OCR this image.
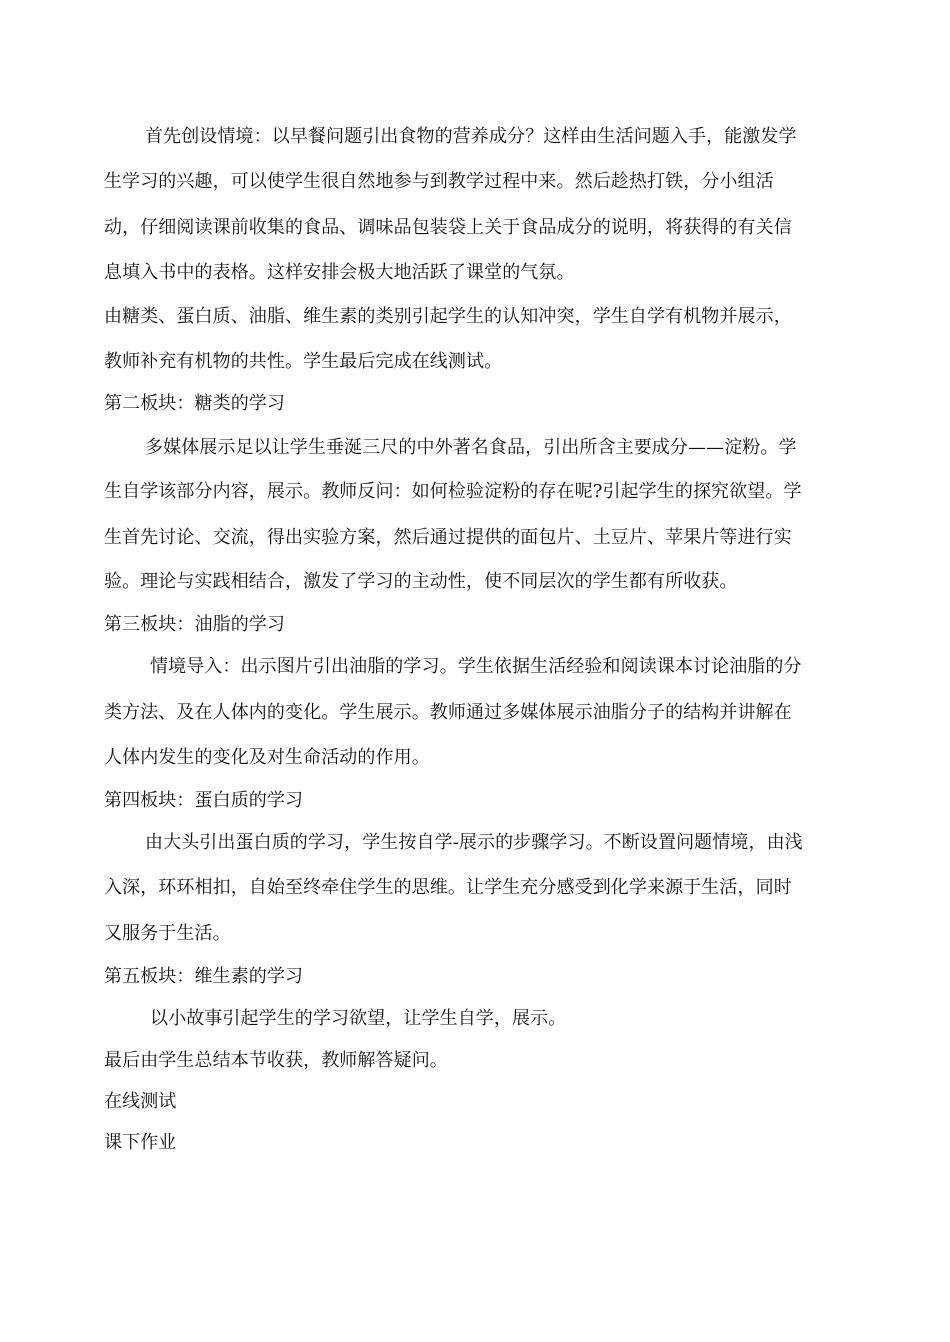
首先创设情境：以早餐问题引出食物的营养成分？这样由生活问题入手，能激发学
生学习的兴趣，可以使学生很自然地参与到教学过程中来。然后趁热打铁，分小组活
动，仔细阅读课前收集的食品、调味品包装袋上关于食品成分的说明，将获得的有关信
息填入书中的表格。这样安排会极大地活跃了课堂的气氛。
由糖类、蛋白质、油脂、维生素的类别引起学生的认知冲突，学生自学有机物并展示，
教师补充有机物的共性。学生最后完成在线测试。
第二板块：糖类的学习
多媒体展示足以让学生垂涎三尺的中外著名食品，引出所含主要成分——淀粉。学
生自学该部分内容，展示。教师反问：如何检验淀粉的存在呢?引起学生的探究欲望。学
生首先讨论、交流，得出实验方案，然后通过提供的面包片、土豆片、苹果片等进行实
验。理论与实践相结合，激发了学习的主动性，使不同层次的学生都有所收获。
第三板块：油脂的学习
情境导入：出示图片引出油脂的学习。学生依据生活经验和阅读课本讨论油脂的分
类方法、及在人体内的变化。学生展示。教师通过多媒体展示油脂分子的结构并讲解在
人体内发生的变化及对生命活动的作用。
第四板块：蛋白质的学习
由大头引出蛋白质的学习，学生按自学-展示的步骤学习。不断设置问题情境，由浅
入深，环环相扣，自始至终牵住学生的思维。让学生充分感受到化学来源于生活，同时
又服务于生活。
第五板块：维生素的学习
以小故事引起学生的学习欲望，让学生自学，展示。
最后由学生总结本节收获，教师解答疑问。
在线测试
课下作业
